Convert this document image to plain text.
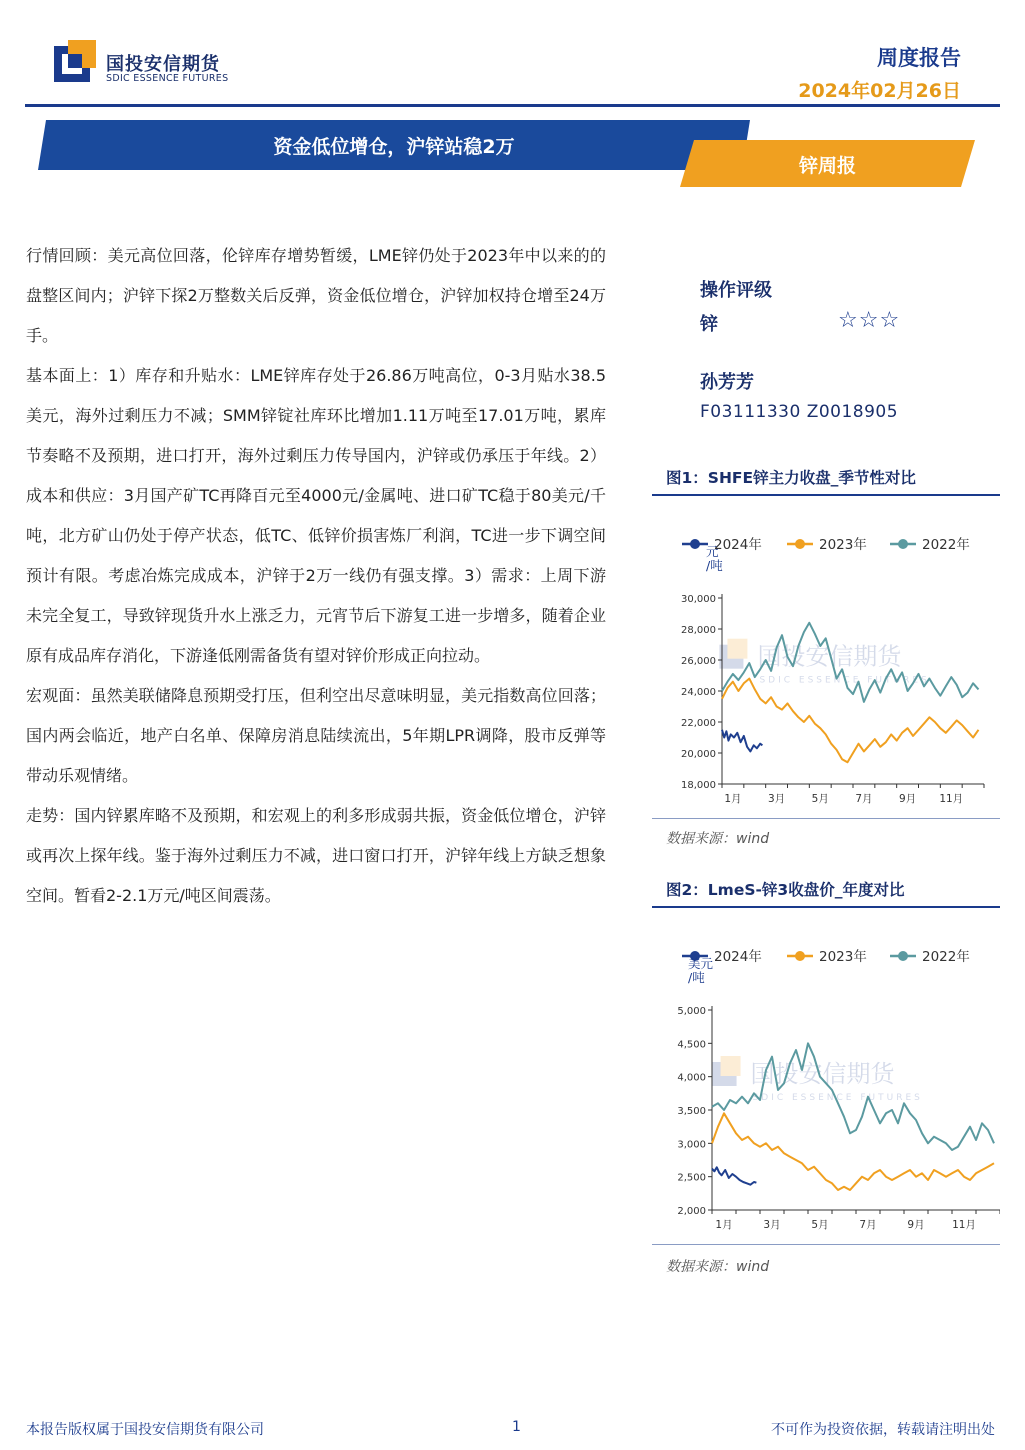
国投安信期货
SDIC ESSENCE FUTURES
周度报告
2024年02月26日
资金低位增仓，沪锌站稳2万
锌周报

行情回顾：美元高位回落，伦锌库存增势暂缓，LME锌仍处于2023年中以来的的盘整区间内；沪锌下探2万整数关后反弹，资金低位增仓，沪锌加权持仓增至24万手。

基本面上：1）库存和升贴水：LME锌库存处于26.86万吨高位，0-3月贴水38.5美元，海外过剩压力不减；SMM锌锭社库环比增加1.11万吨至17.01万吨，累库节奏略不及预期，进口打开，海外过剩压力传导国内，沪锌或仍承压于年线。2）成本和供应：3月国产矿TC再降百元至4000元/金属吨、进口矿TC稳于80美元/千吨，北方矿山仍处于停产状态，低TC、低锌价损害炼厂利润，TC进一步下调空间预计有限。考虑冶炼完成成本，沪锌于2万一线仍有强支撑。3）需求：上周下游未完全复工，导致锌现货升水上涨乏力，元宵节后下游复工进一步增多，随着企业原有成品库存消化，下游逢低刚需备货有望对锌价形成正向拉动。

宏观面：虽然美联储降息预期受打压，但利空出尽意味明显，美元指数高位回落；国内两会临近，地产白名单、保障房消息陆续流出，5年期LPR调降，股市反弹等带动乐观情绪。

走势：国内锌累库略不及预期，和宏观上的利多形成弱共振，资金低位增仓，沪锌或再次上探年线。鉴于海外过剩压力不减，进口窗口打开，沪锌年线上方缺乏想象空间。暂看2-2.1万元/吨区间震荡。

操作评级
锌	☆☆☆
孙芳芳
F03111330 Z0018905
图1：SHFE锌主力收盘_季节性对比
2024年	2023年	2022年
元
/吨
国投安信期货
SDIC ESSENCE FUTURES
30,000
28,000
26,000
24,000
22,000
20,000
18,000
1月	3月	5月	7月	9月 11月
数据来源：wind
图2：LmeS-锌3收盘价_年度对比
2024年	2023年	2022年
美元
/吨
国投安信期货
SDIC ESSENCE FUTURES
5,000
4,500
4,000
3,500
3,000
2,500
2,000
1月	3月	5月	7月	9月	11月
数据来源：wind
本报告版权属于国投安信期货有限公司	1	不可作为投资依据，转载请注明出处
